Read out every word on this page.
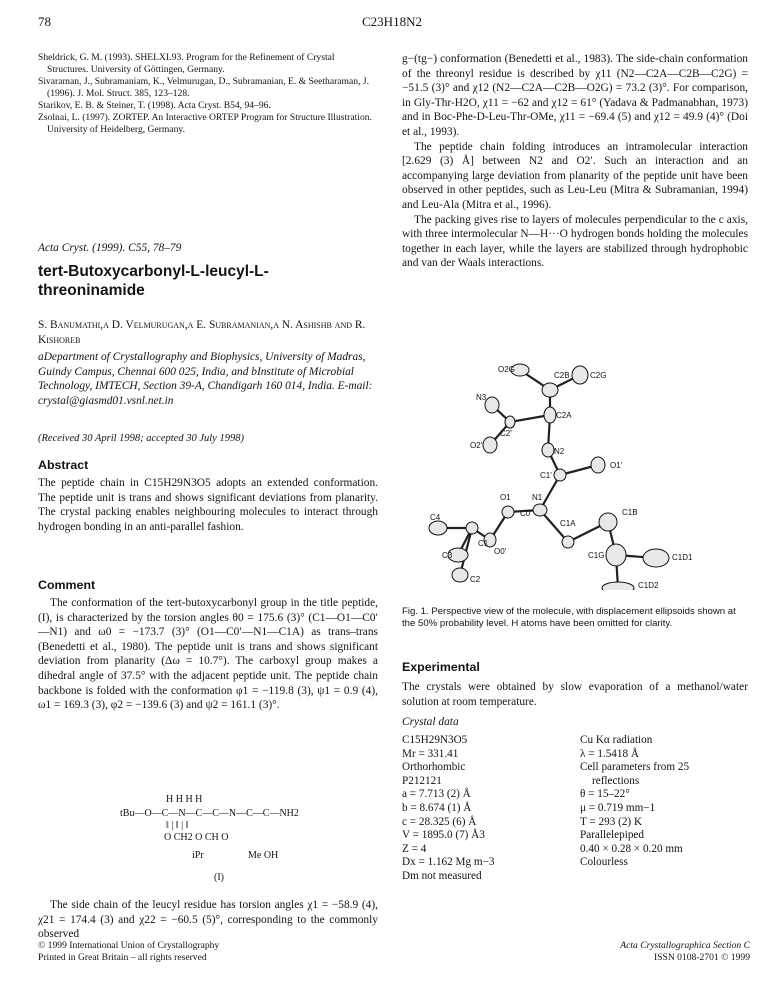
78	C23H18N2

Sheldrick, G. M. (1993). SHELXL93. Program for the Refinement of Crystal Structures. University of Göttingen, Germany.

Sivaraman, J., Subramaniam, K., Velmurugan, D., Subramanian, E. & Seetharaman, J. (1996). J. Mol. Struct. 385, 123–128.

Starikov, E. B. & Steiner, T. (1998). Acta Cryst. B54, 94–96.

Zsolnai, L. (1997). ZORTEP. An Interactive ORTEP Program for Structure Illustration. University of Heidelberg, Germany.

Acta Cryst. (1999). C55, 78–79
tert-Butoxycarbonyl-L-leucyl-L-threoninamide
S. Banumathi,a D. Velmurugan,a E. Subramanian,a N. Ashishb and R. Kishoreb
aDepartment of Crystallography and Biophysics, University of Madras, Guindy Campus, Chennai 600 025, India, and bInstitute of Microbial Technology, IMTECH, Section 39-A, Chandigarh 160 014, India. E-mail: crystal@giasmd01.vsnl.net.in
(Received 30 April 1998; accepted 30 July 1998)
Abstract
The peptide chain in C15H29N3O5 adopts an extended conformation. The peptide unit is trans and shows significant deviations from planarity. The crystal packing enables neighbouring molecules to interact through hydrogen bonding in an anti-parallel fashion.
Comment

The conformation of the tert-butoxycarbonyl group in the title peptide, (I), is characterized by the torsion angles θ0 = 175.6 (3)° (C1—O1—C0′—N1) and ω0 = −173.7 (3)° (O1—C0′—N1—C1A) as trans–trans (Benedetti et al., 1980). The peptide unit is trans and shows significant deviation from planarity (Δω = 10.7°). The carboxyl group makes a dihedral angle of 37.5° with the adjacent peptide unit. The peptide chain backbone is folded with the conformation φ1 = −119.8 (3), ψ1 = 0.9 (4), ω1 = 169.3 (3), φ2 = −139.6 (3) and ψ2 = 161.1 (3)°.

H H H H
tBu—O—C—N—C—C—N—C—C—NH2
‖ | ‖ | ‖
O CH2 O CH O
iPr	Me OH
(I)

The side chain of the leucyl residue has torsion angles χ1 = −58.9 (4), χ21 = 174.4 (3) and χ22 = −60.5 (5)°, corresponding to the commonly observed

g−(tg−) conformation (Benedetti et al., 1983). The side-chain conformation of the threonyl residue is described by χ11 (N2—C2A—C2B—C2G) = −51.5 (3)° and χ12 (N2—C2A—C2B—O2G) = 73.2 (3)°. For comparison, in Gly-Thr-H2O, χ11 = −62 and χ12 = 61° (Yadava & Padmanabhan, 1973) and in Boc-Phe-D-Leu-Thr-OMe, χ11 = −69.4 (5) and χ12 = 49.9 (4)° (Doi et al., 1993).

The peptide chain folding introduces an intramolecular interaction [2.629 (3) Å] between N2 and O2′. Such an interaction and an accompanying large deviation from planarity of the peptide unit have been observed in other peptides, such as Leu-Leu (Mitra & Subramanian, 1994) and Leu-Ala (Mitra et al., 1996).

The packing gives rise to layers of molecules perpendicular to the c axis, with three intermolecular N—H···O hydrogen bonds holding the molecules together in each layer, while the layers are stabilized through hydrophobic and van der Waals interactions.

O2G
C2B	C2G
N3
C2A
O2'
C2'
N2
C1'
O1'
N1
C1B
C4
O1
C0'
C1A
C1G	C1D1
C3
C1
O0'
C1D2
C2
Fig. 1. Perspective view of the molecule, with displacement ellipsoids shown at the 50% probability level. H atoms have been omitted for clarity.
Experimental
The crystals were obtained by slow evaporation of a methanol/water solution at room temperature.
Crystal data
C15H29N3O5
Mr = 331.41
Orthorhombic
P212121
a = 7.713 (2) Å
b = 8.674 (1) Å
c = 28.325 (6) Å
V = 1895.0 (7) Å3
Z = 4
Dx = 1.162 Mg m−3
Dm not measured
Cu Kα radiation
λ = 1.5418 Å
Cell parameters from 25
reflections
θ = 15–22°
μ = 0.719 mm−1
T = 293 (2) K
Parallelepiped
0.40 × 0.28 × 0.20 mm
Colourless
© 1999 International Union of Crystallography
Printed in Great Britain – all rights reserved
Acta Crystallographica Section C
ISSN 0108-2701 © 1999
